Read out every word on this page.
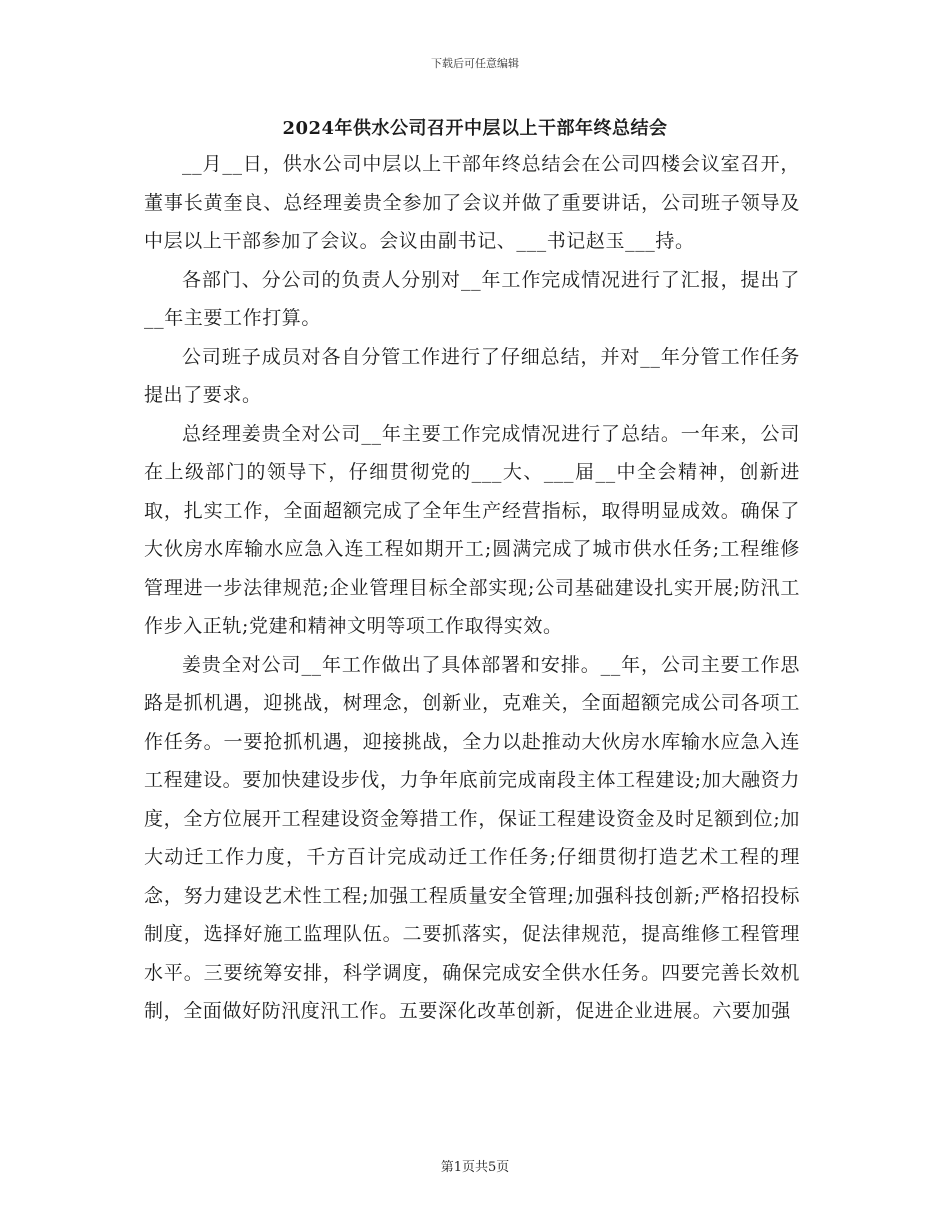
下载后可任意编辑
2024年供水公司召开中层以上干部年终总结会

__月__日，供水公司中层以上干部年终总结会在公司四楼会议室召开，董事长黄奎良、总经理姜贵全参加了会议并做了重要讲话，公司班子领导及中层以上干部参加了会议。会议由副书记、___书记赵玉___持。

各部门、分公司的负责人分别对__年工作完成情况进行了汇报，提出了__年主要工作打算。

公司班子成员对各自分管工作进行了仔细总结，并对__年分管工作任务提出了要求。

总经理姜贵全对公司__年主要工作完成情况进行了总结。一年来，公司在上级部门的领导下，仔细贯彻党的___大、___届__中全会精神，创新进取，扎实工作，全面超额完成了全年生产经营指标，取得明显成效。确保了大伙房水库输水应急入连工程如期开工;圆满完成了城市供水任务;工程维修管理进一步法律规范;企业管理目标全部实现;公司基础建设扎实开展;防汛工作步入正轨;党建和精神文明等项工作取得实效。

姜贵全对公司__年工作做出了具体部署和安排。__年，公司主要工作思路是抓机遇，迎挑战，树理念，创新业，克难关，全面超额完成公司各项工作任务。一要抢抓机遇，迎接挑战，全力以赴推动大伙房水库输水应急入连工程建设。要加快建设步伐，力争年底前完成南段主体工程建设;加大融资力度，全方位展开工程建设资金筹措工作，保证工程建设资金及时足额到位;加大动迁工作力度，千方百计完成动迁工作任务;仔细贯彻打造艺术工程的理念，努力建设艺术性工程;加强工程质量安全管理;加强科技创新;严格招投标制度，选择好施工监理队伍。二要抓落实，促法律规范，提高维修工程管理水平。三要统筹安排，科学调度，确保完成安全供水任务。四要完善长效机制，全面做好防汛度汛工作。五要深化改革创新，促进企业进展。六要加强

第1页共5页
